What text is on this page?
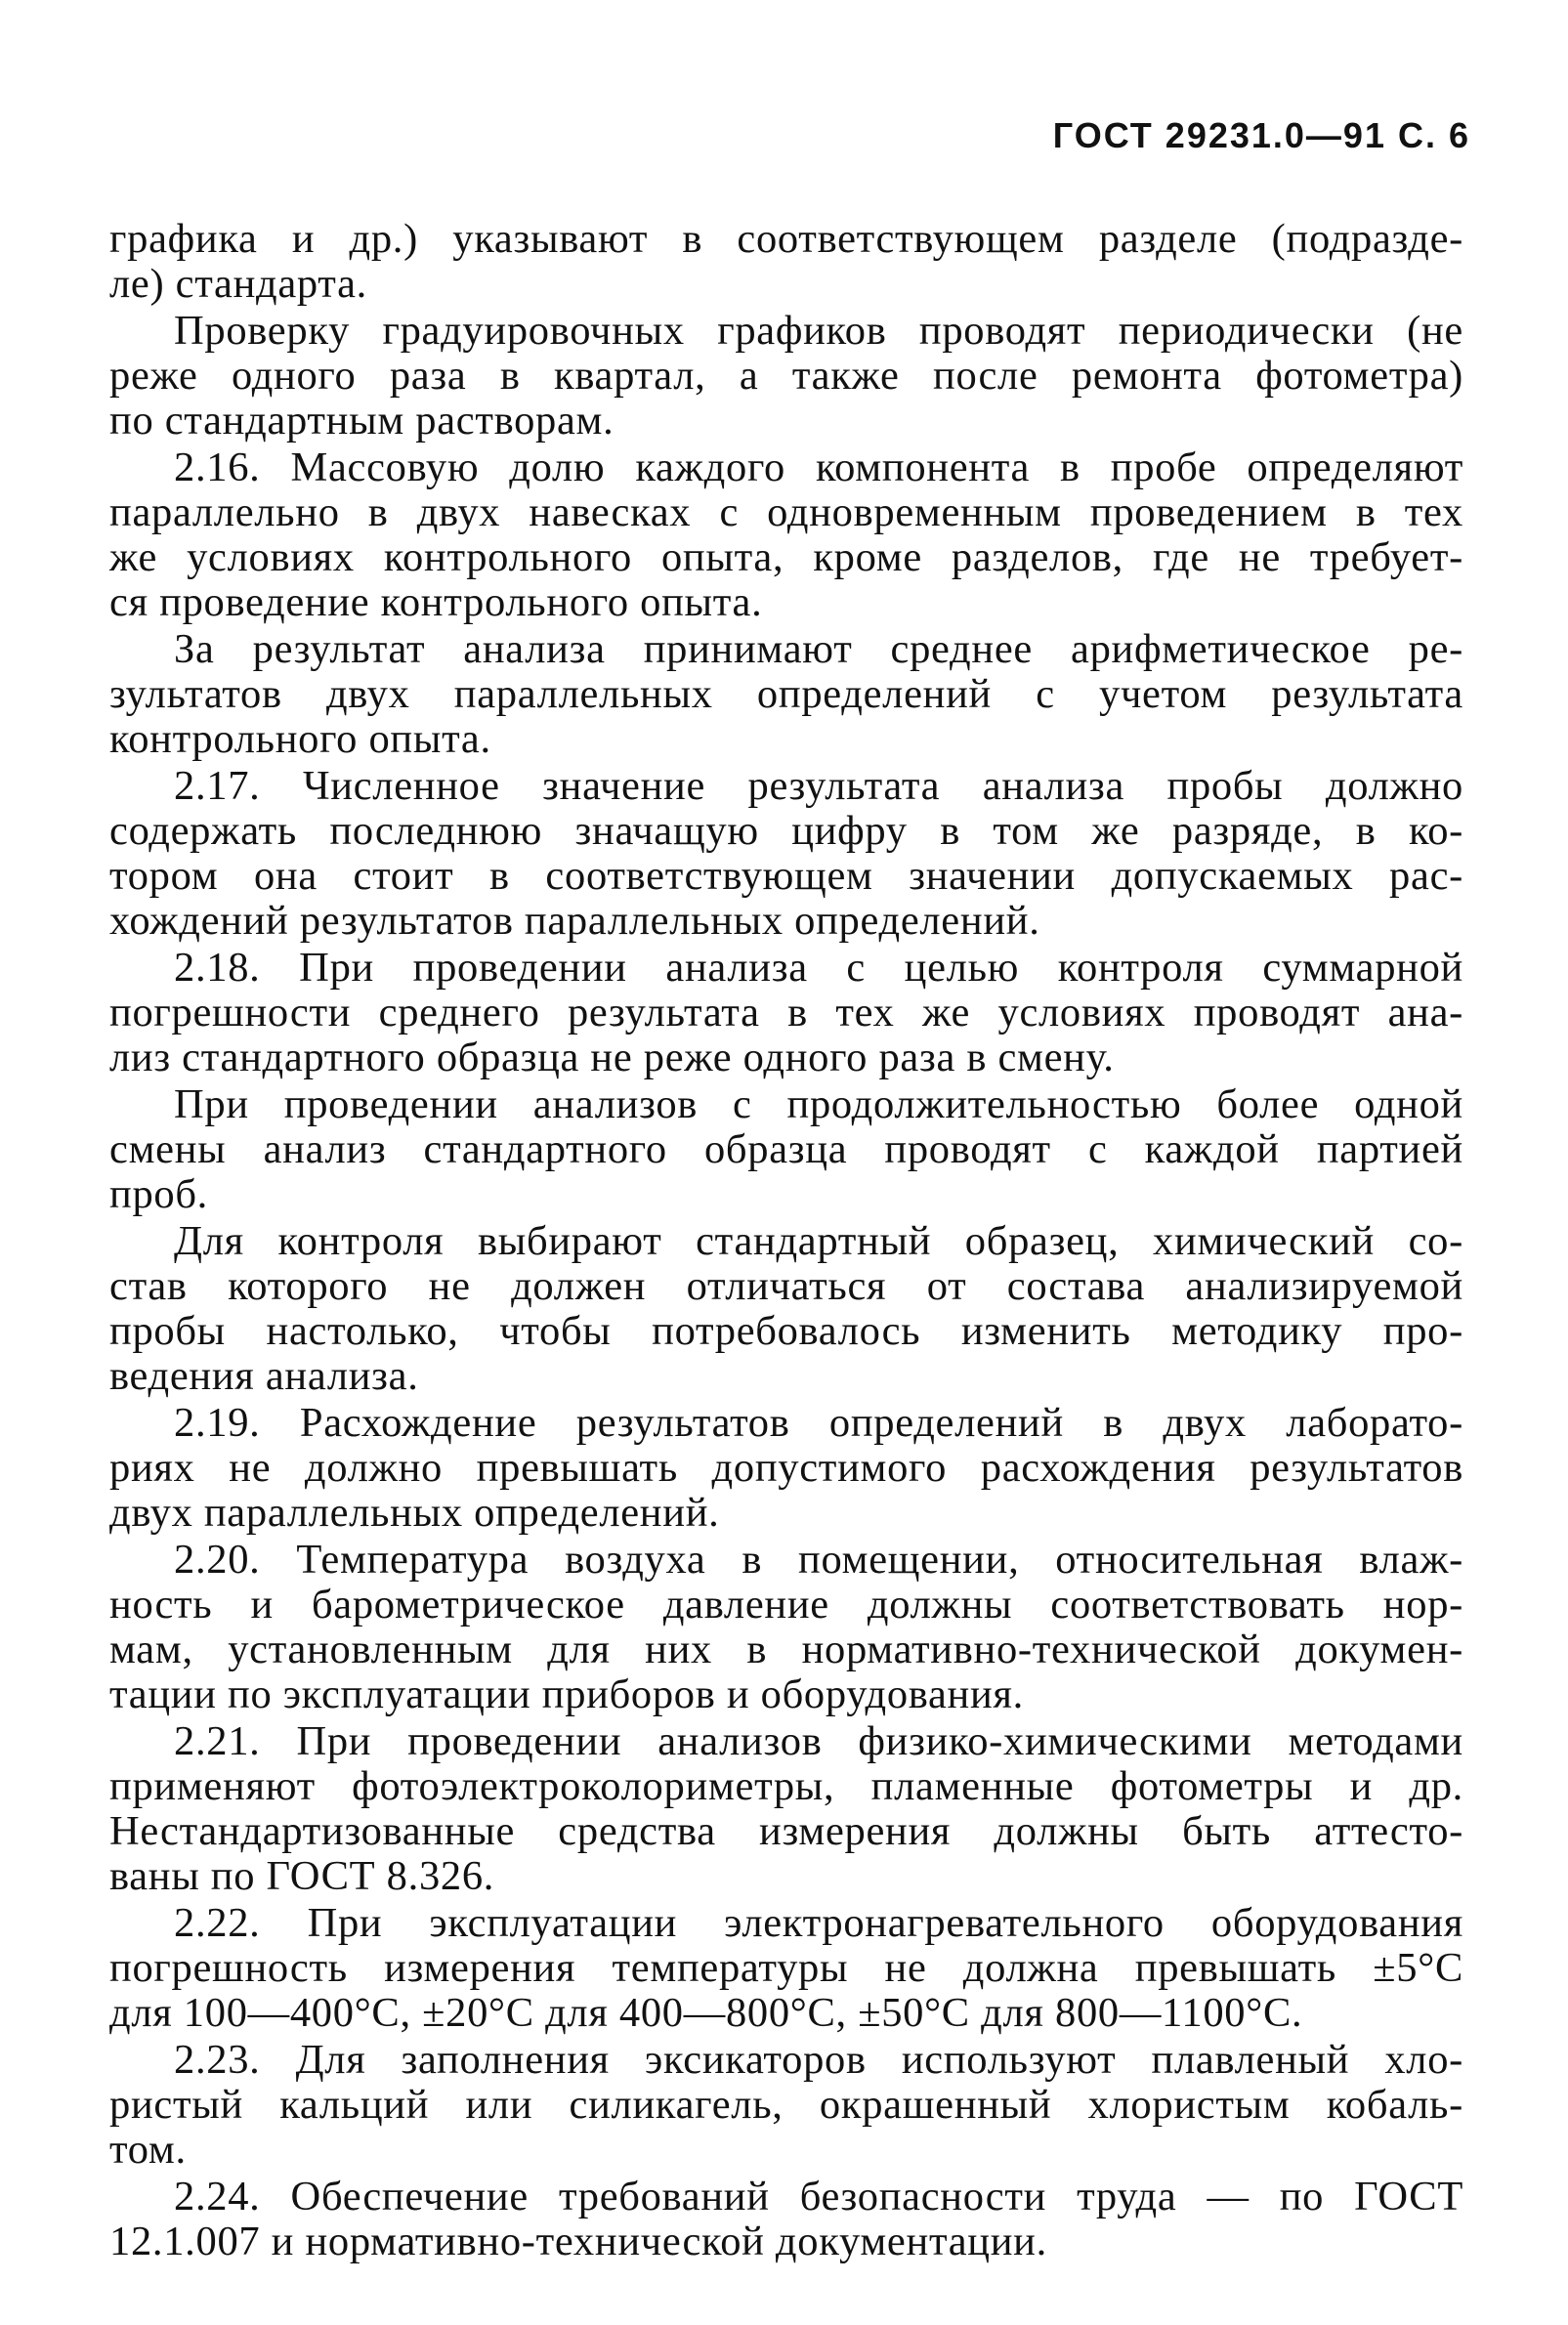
ГОСТ 29231.0—91 С. 6
графика и др.) указывают в соответствующем разделе (подразде-
ле) стандарта.
Проверку градуировочных графиков проводят периодически (не
реже одного раза в квартал, а также после ремонта фотометра)
по стандартным растворам.
2.16. Массовую долю каждого компонента в пробе определяют
параллельно в двух навесках с одновременным проведением в тех
же условиях контрольного опыта, кроме разделов, где не требует-
ся проведение контрольного опыта.
За результат анализа принимают среднее арифметическое ре-
зультатов двух параллельных определений с учетом результата
контрольного опыта.
2.17. Численное значение результата анализа пробы должно
содержать последнюю значащую цифру в том же разряде, в ко-
тором она стоит в соответствующем значении допускаемых рас-
хождений результатов параллельных определений.
2.18. При проведении анализа с целью контроля суммарной
погрешности среднего результата в тех же условиях проводят ана-
лиз стандартного образца не реже одного раза в смену.
При проведении анализов с продолжительностью более одной
смены анализ стандартного образца проводят с каждой партией
проб.
Для контроля выбирают стандартный образец, химический со-
став которого не должен отличаться от состава анализируемой
пробы настолько, чтобы потребовалось изменить методику про-
ведения анализа.
2.19. Расхождение результатов определений в двух лаборато-
риях не должно превышать допустимого расхождения результатов
двух параллельных определений.
2.20. Температура воздуха в помещении, относительная влаж-
ность и барометрическое давление должны соответствовать нор-
мам, установленным для них в нормативно-технической докумен-
тации по эксплуатации приборов и оборудования.
2.21. При проведении анализов физико-химическими методами
применяют фотоэлектроколориметры, пламенные фотометры и др.
Нестандартизованные средства измерения должны быть аттесто-
ваны по ГОСТ 8.326.
2.22. При эксплуатации электронагревательного оборудования
погрешность измерения температуры не должна превышать ±5°С
для 100—400°С, ±20°С для 400—800°С, ±50°С для 800—1100°С.
2.23. Для заполнения эксикаторов используют плавленый хло-
ристый кальций или силикагель, окрашенный хлористым кобаль-
том.
2.24. Обеспечение требований безопасности труда — по ГОСТ
12.1.007 и нормативно-технической документации.
